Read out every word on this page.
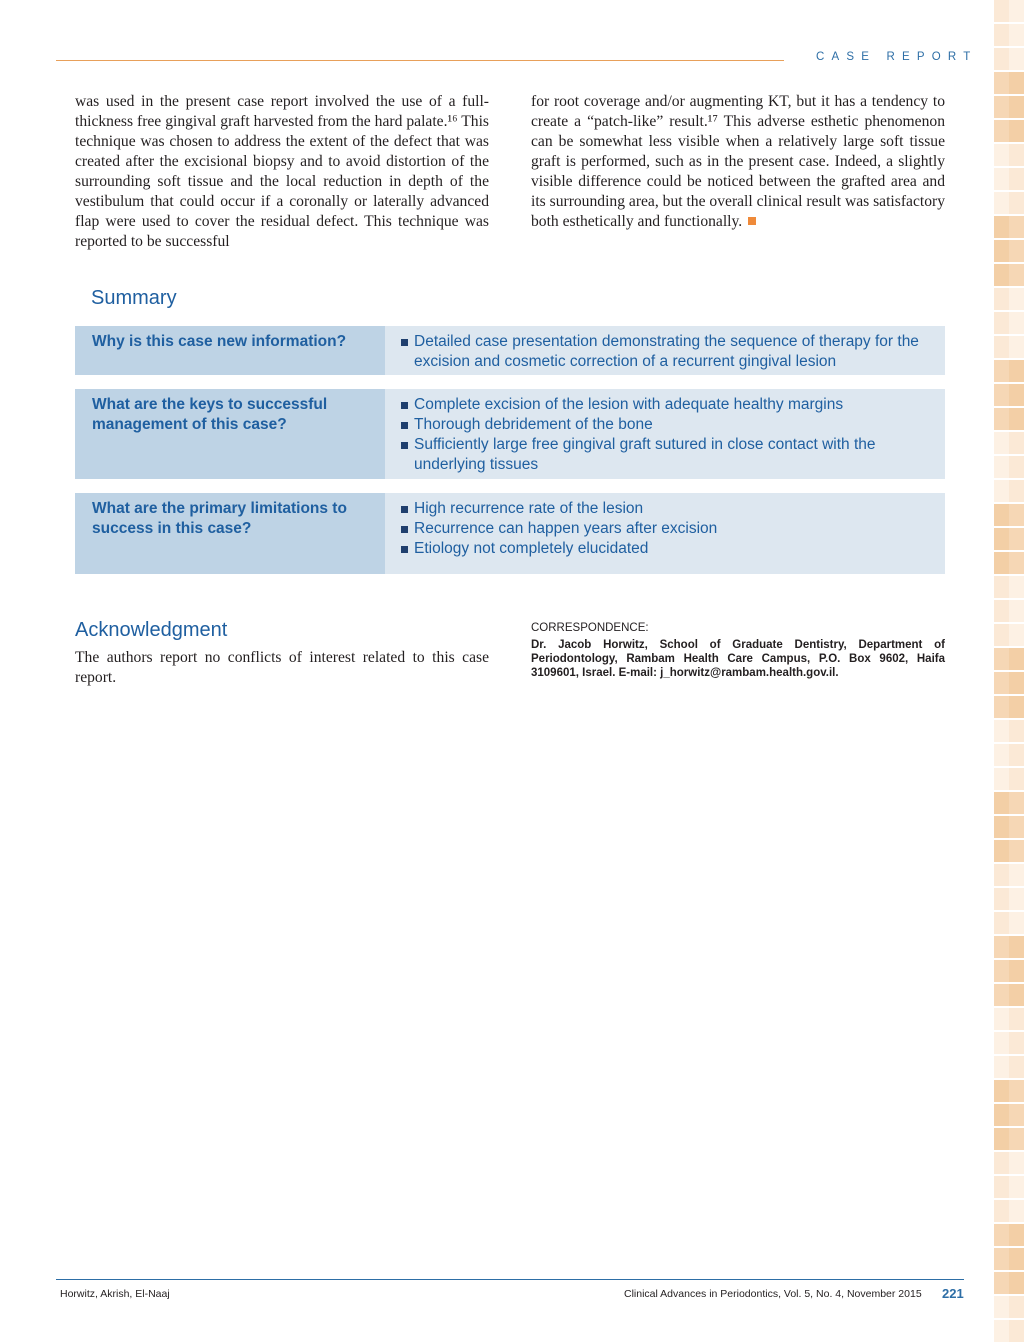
CASE REPORT

was used in the present case report involved the use of a full-thickness free gingival graft harvested from the hard palate.¹⁶ This technique was chosen to address the extent of the defect that was created after the excisional biopsy and to avoid distortion of the surrounding soft tissue and the local reduction in depth of the vestibulum that could occur if a coronally or laterally advanced flap were used to cover the residual defect. This technique was reported to be successful

for root coverage and/or augmenting KT, but it has a tendency to create a “patch-like” result.¹⁷ This adverse esthetic phenomenon can be somewhat less visible when a relatively large soft tissue graft is performed, such as in the present case. Indeed, a slightly visible difference could be noticed between the grafted area and its surrounding area, but the overall clinical result was satisfactory both esthetically and functionally.

Summary
Why is this case new information?	Detailed case presentation demonstrating the sequence of therapy for the excision and cosmetic correction of a recurrent gingival lesion
What are the keys to successful management of this case?
Complete excision of the lesion with adequate healthy margins
Thorough debridement of the bone
Sufficiently large free gingival graft sutured in close contact with the underlying tissues
What are the primary limitations to success in this case?
High recurrence rate of the lesion
Recurrence can happen years after excision
Etiology not completely elucidated
Acknowledgment
The authors report no conflicts of interest related to this case report.
CORRESPONDENCE:
Dr. Jacob Horwitz, School of Graduate Dentistry, Department of Periodontology, Rambam Health Care Campus, P.O. Box 9602, Haifa 3109601, Israel. E-mail: j_horwitz@rambam.health.gov.il.
Horwitz, Akrish, El-Naaj	Clinical Advances in Periodontics, Vol. 5, No. 4, November 2015 221
